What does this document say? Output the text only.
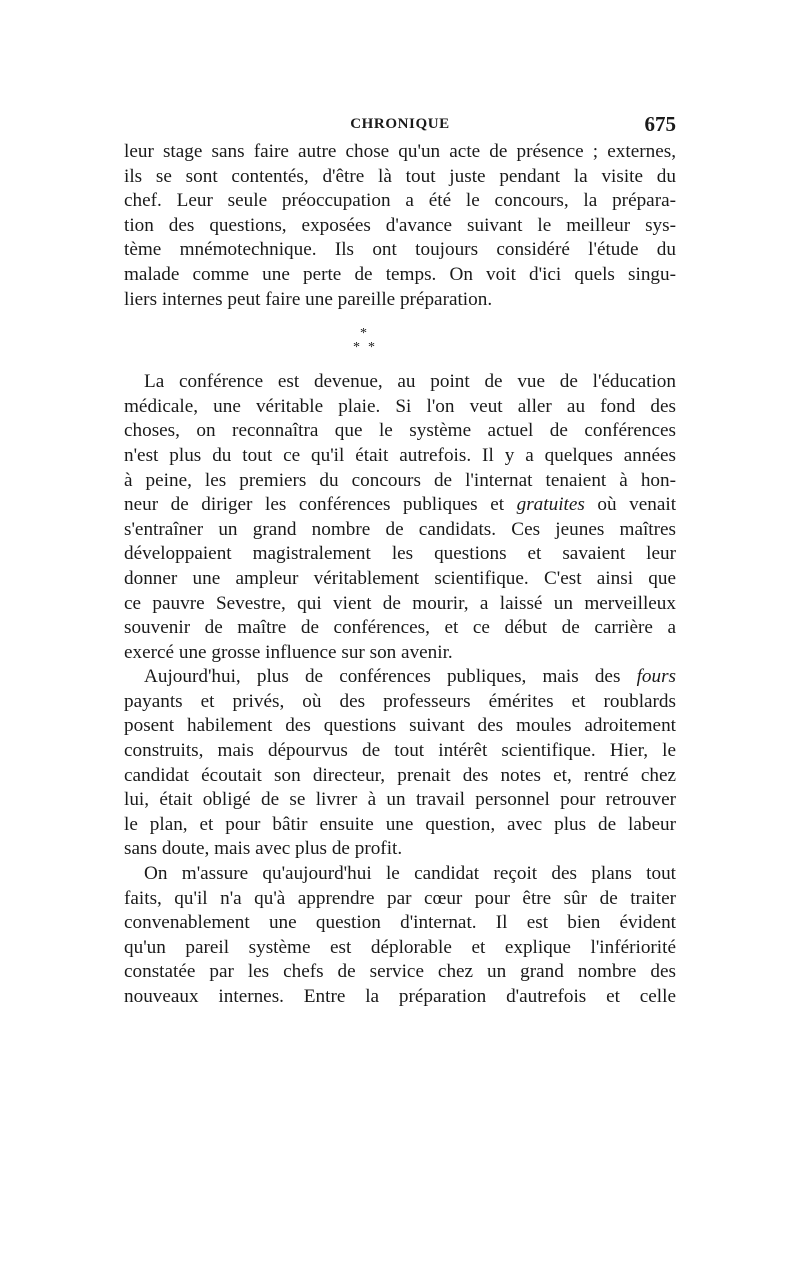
CHRONIQUE	675
leur stage sans faire autre chose qu'un acte de présence ; externes,
ils se sont contentés, d'être là tout juste pendant la visite du
chef. Leur seule préoccupation a été le concours, la prépara-
tion des questions, exposées d'avance suivant le meilleur sys-
tème mnémotechnique. Ils ont toujours considéré l'étude du
malade comme une perte de temps. On voit d'ici quels singu-
liers internes peut faire une pareille préparation.
*
* *
La conférence est devenue, au point de vue de l'éducation
médicale, une véritable plaie. Si l'on veut aller au fond des
choses, on reconnaîtra que le système actuel de conférences
n'est plus du tout ce qu'il était autrefois. Il y a quelques années
à peine, les premiers du concours de l'internat tenaient à hon-
neur de diriger les conférences publiques et gratuites où venait
s'entraîner un grand nombre de candidats. Ces jeunes maîtres
développaient magistralement les questions et savaient leur
donner une ampleur véritablement scientifique. C'est ainsi que
ce pauvre Sevestre, qui vient de mourir, a laissé un merveilleux
souvenir de maître de conférences, et ce début de carrière a
exercé une grosse influence sur son avenir.
Aujourd'hui, plus de conférences publiques, mais des fours
payants et privés, où des professeurs émérites et roublards
posent habilement des questions suivant des moules adroitement
construits, mais dépourvus de tout intérêt scientifique. Hier, le
candidat écoutait son directeur, prenait des notes et, rentré chez
lui, était obligé de se livrer à un travail personnel pour retrouver
le plan, et pour bâtir ensuite une question, avec plus de labeur
sans doute, mais avec plus de profit.
On m'assure qu'aujourd'hui le candidat reçoit des plans tout
faits, qu'il n'a qu'à apprendre par cœur pour être sûr de traiter
convenablement une question d'internat. Il est bien évident
qu'un pareil système est déplorable et explique l'infériorité
constatée par les chefs de service chez un grand nombre des
nouveaux internes. Entre la préparation d'autrefois et celle
